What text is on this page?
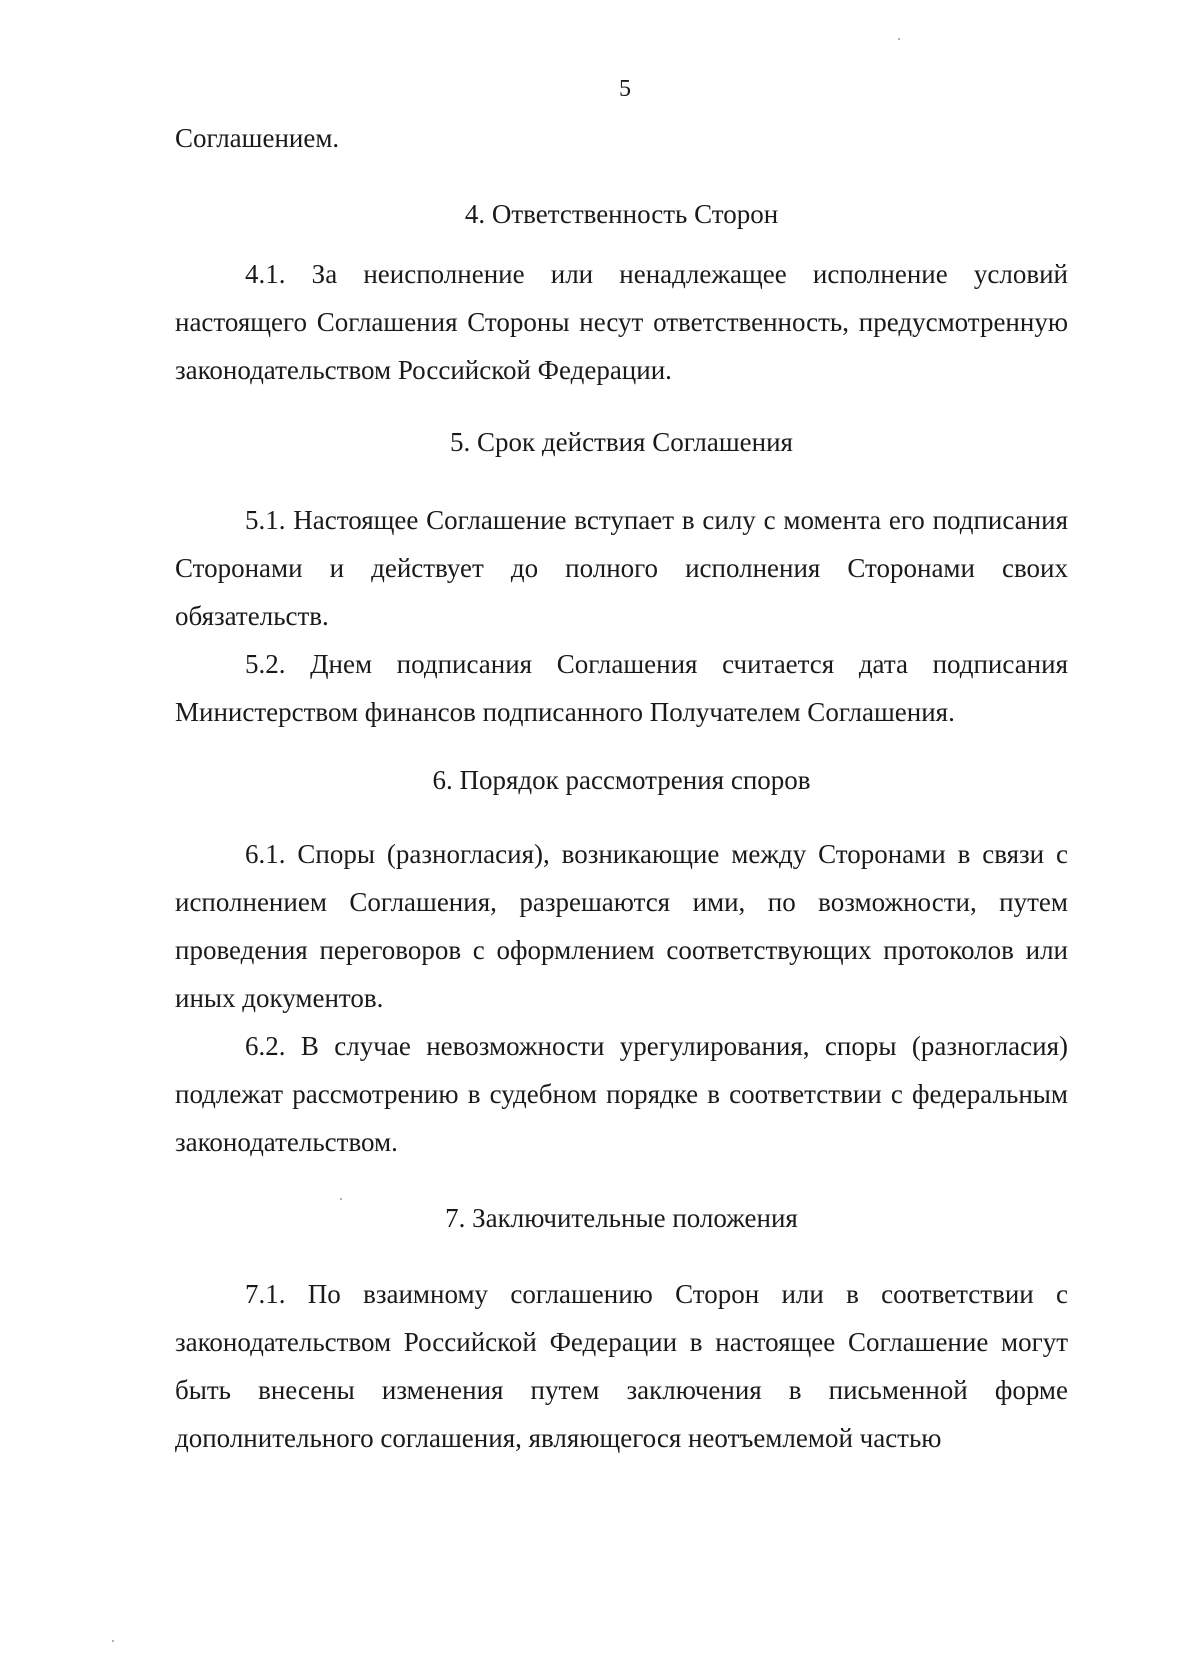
5

Соглашением.

4. Ответственность Сторон

4.1. За неисполнение или ненадлежащее исполнение условий настоящего Соглашения Стороны несут ответственность, предусмотренную законодательством Российской Федерации.

5. Срок действия Соглашения

5.1. Настоящее Соглашение вступает в силу с момента его подписания Сторонами и действует до полного исполнения Сторонами своих обязательств.

5.2. Днем подписания Соглашения считается дата подписания Министерством финансов подписанного Получателем Соглашения.

6. Порядок рассмотрения споров

6.1. Споры (разногласия), возникающие между Сторонами в связи с исполнением Соглашения, разрешаются ими, по возможности, путем проведения переговоров с оформлением соответствующих протоколов или иных документов.

6.2. В случае невозможности урегулирования, споры (разногласия) подлежат рассмотрению в судебном порядке в соответствии с федеральным законодательством.

7. Заключительные положения

7.1. По взаимному соглашению Сторон или в соответствии с законодательством Российской Федерации в настоящее Соглашение могут быть внесены изменения путем заключения в письменной форме дополнительного соглашения, являющегося неотъемлемой частью
